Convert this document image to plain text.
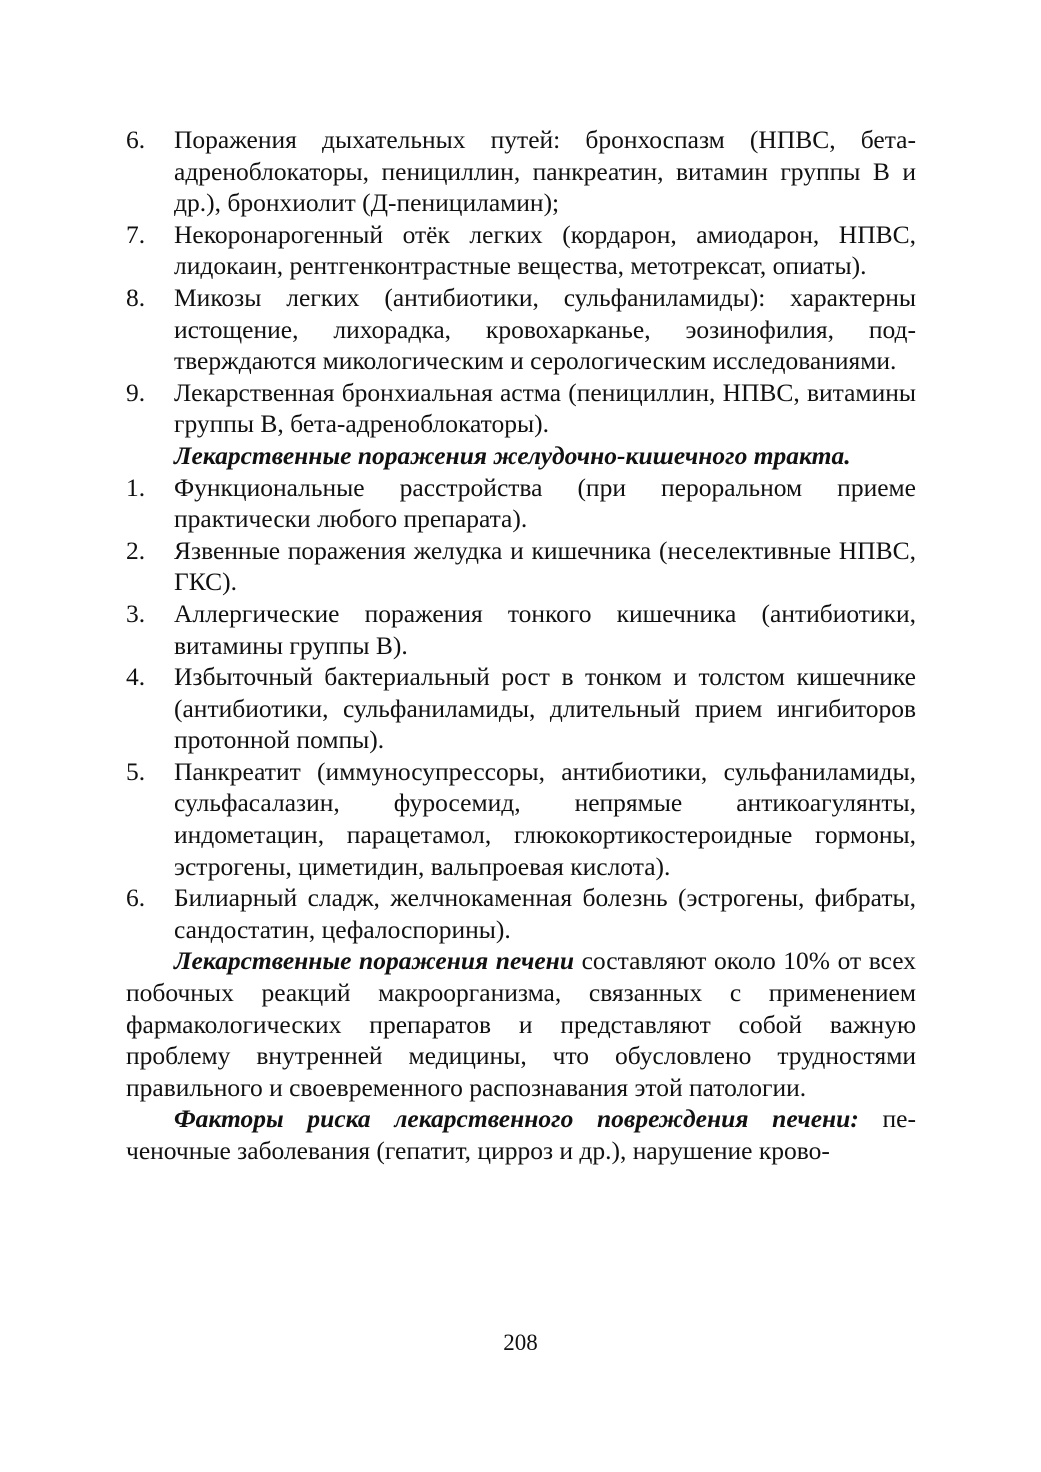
6. Поражения дыхательных путей: бронхоспазм (НПВС, бета-адреноблокаторы, пенициллин, панкреатин, витамин группы В и др.), бронхиолит (Д-пенициламин);
7. Некоронарогенный отёк легких (кордарон, амиодарон, НПВС, лидокаин, рентгенконтрастные вещества, метотрексат, опиаты).
8. Микозы легких (антибиотики, сульфаниламиды): характерны истощение, лихорадка, кровохарканье, эозинофилия, подтверждаются микологическим и серологическим исследованиями.
9. Лекарственная бронхиальная астма (пенициллин, НПВС, витамины группы В, бета-адреноблокаторы).

Лекарственные поражения желудочно-кишечного тракта.

1. Функциональные расстройства (при пероральном приеме практически любого препарата).
2. Язвенные поражения желудка и кишечника (неселективные НПВС, ГКС).
3. Аллергические поражения тонкого кишечника (антибиотики, витамины группы В).
4. Избыточный бактериальный рост в тонком и толстом кишечнике (антибиотики, сульфаниламиды, длительный прием ингибиторов протонной помпы).
5. Панкреатит (иммуносупрессоры, антибиотики, сульфаниламиды, сульфасалазин, фуросемид, непрямые антикоагулянты, индометацин, парацетамол, глюкокортикостероидные гормоны, эстрогены, циметидин, вальпроевая кислота).
6. Билиарный сладж, желчнокаменная болезнь (эстрогены, фибраты, сандостатин, цефалоспорины).

Лекарственные поражения печени составляют около 10% от всех побочных реакций макроорганизма, связанных с применением фармакологических препаратов и представляют собой важную проблему внутренней медицины, что обусловлено трудностями правильного и своевременного распознавания этой патологии.

Факторы риска лекарственного повреждения печени: печеночные заболевания (гепатит, цирроз и др.), нарушение крово-

208
